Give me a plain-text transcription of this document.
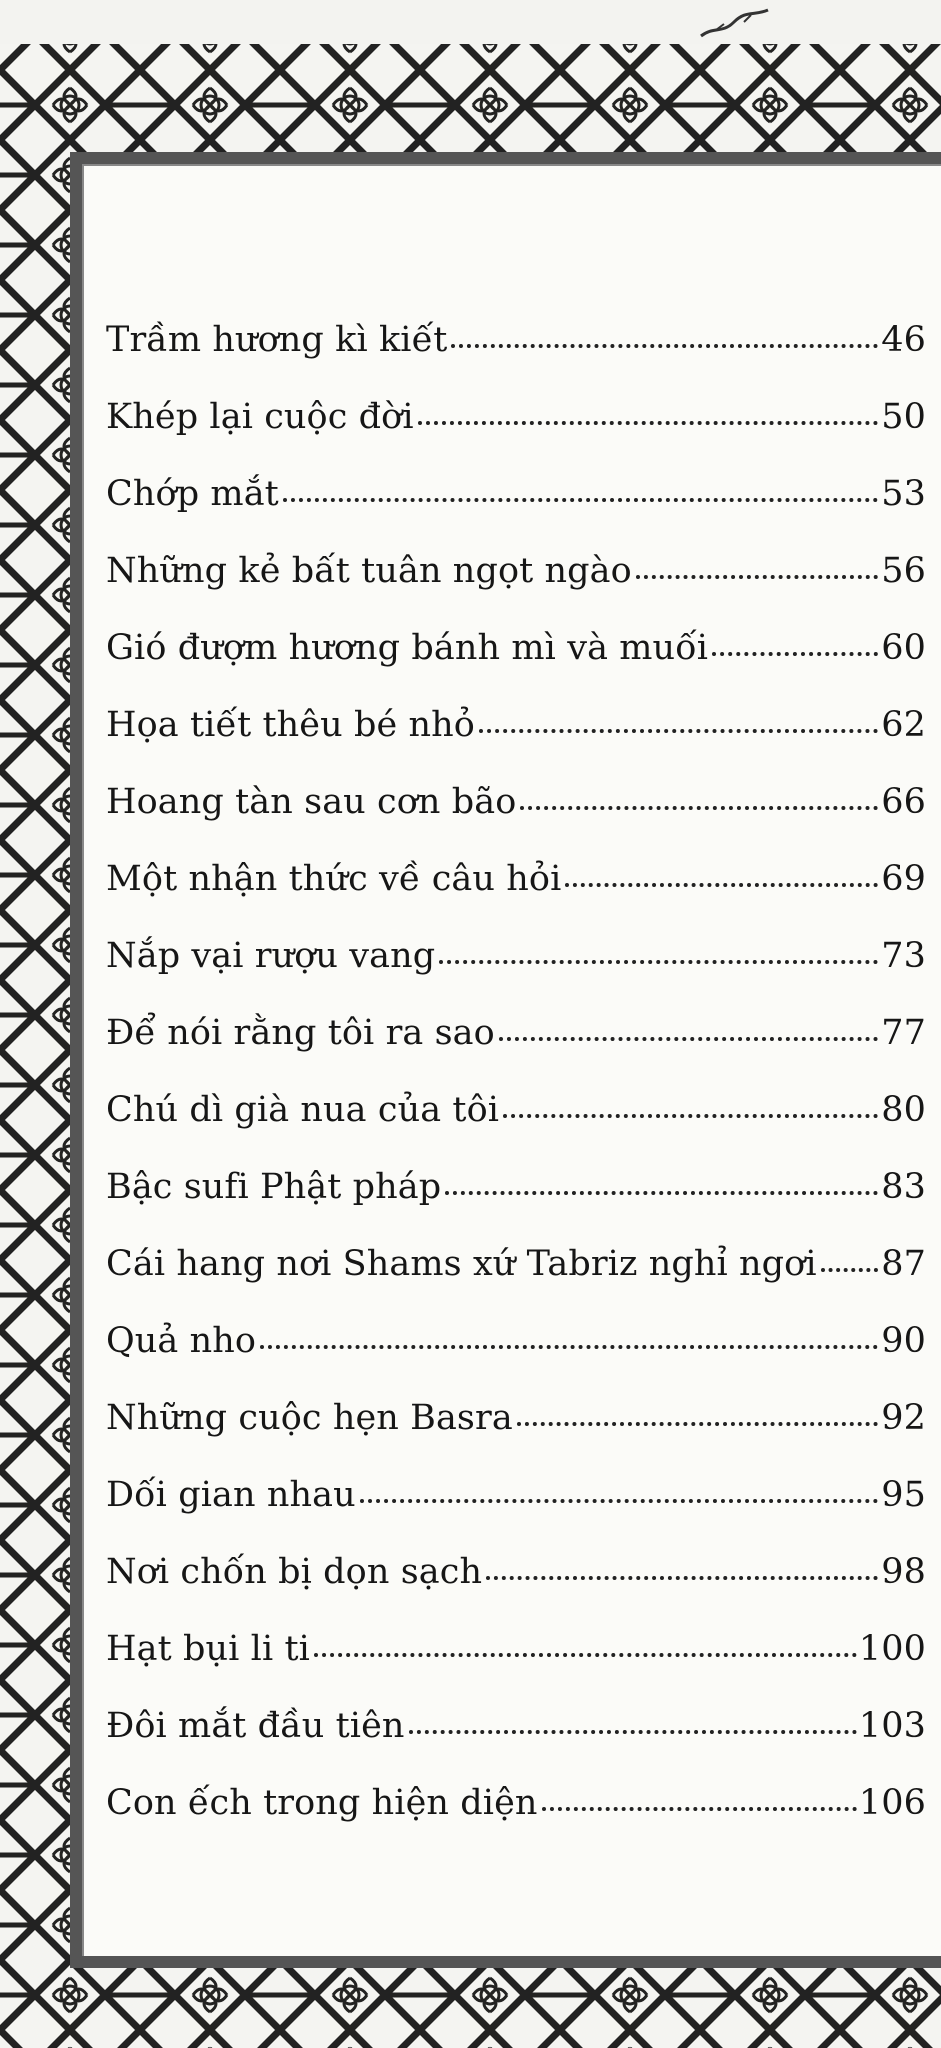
Trầm hương kì kiết	46
Khép lại cuộc đời	50
Chớp mắt	53
Những kẻ bất tuân ngọt ngào	56
Gió đượm hương bánh mì và muối	60
Họa tiết thêu bé nhỏ	62
Hoang tàn sau cơn bão	66
Một nhận thức về câu hỏi	69
Nắp vại rượu vang	73
Để nói rằng tôi ra sao	77
Chú dì già nua của tôi	80
Bậc sufi Phật pháp	83
Cái hang nơi Shams xứ Tabriz nghỉ ngơi 87
Quả nho	90
Những cuộc hẹn Basra	92
Dối gian nhau	95
Nơi chốn bị dọn sạch	98
Hạt bụi li ti	100
Đôi mắt đầu tiên	103
Con ếch trong hiện diện	106
